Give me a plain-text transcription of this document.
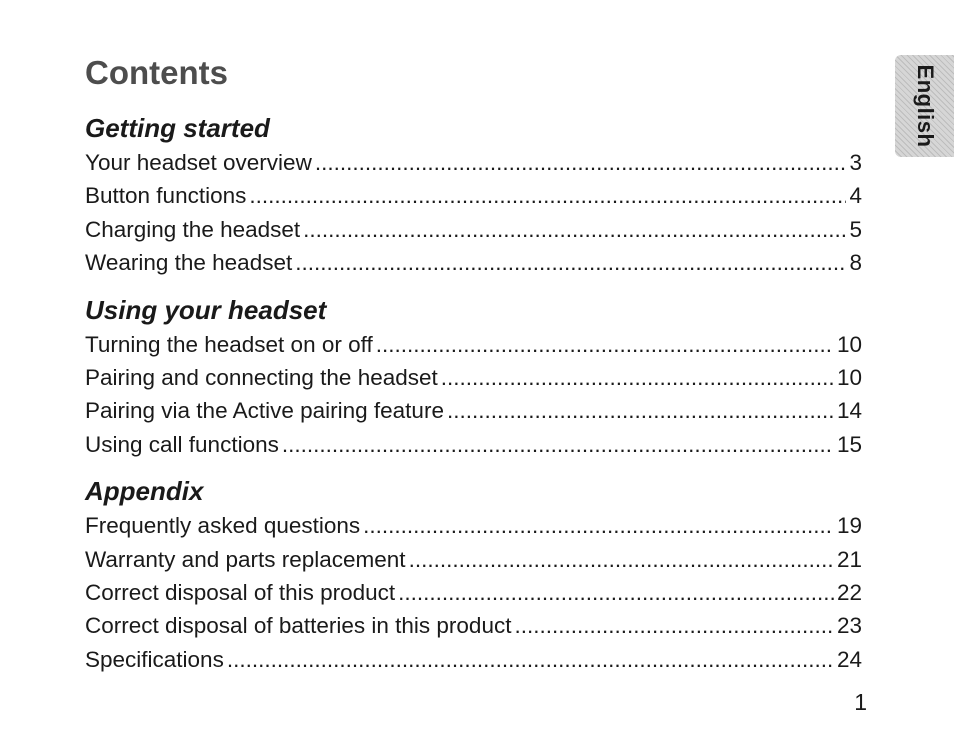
Contents	English
Getting started
Your headset overview .....	3
Button functions .....	4
Charging the headset .....	5
Wearing the headset .....	8
Using your headset
Turning the headset on or off .....	10
Pairing and connecting the headset .....	10
Pairing via the Active pairing feature .....	14
Using call functions .....	15
Appendix
Frequently asked questions .....	19
Warranty and parts replacement .....	21
Correct disposal of this product .....	22
Correct disposal of batteries in this product .....	23
Specifications .....	24
1
